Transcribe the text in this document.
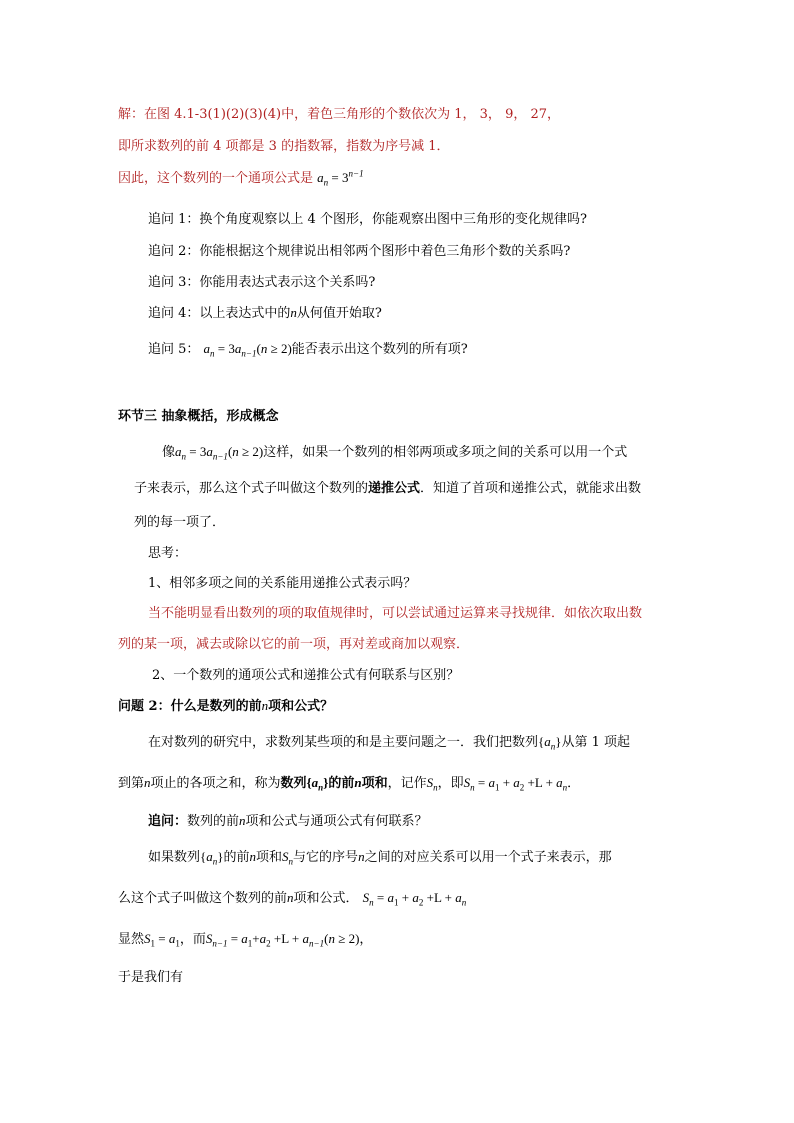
解：在图 4.1-3(1)(2)(3)(4)中，着色三角形的个数依次为 1， 3， 9， 27，
即所求数列的前 4 项都是 3 的指数幂，指数为序号减 1．
因此，这个数列的一个通项公式是 $a_n = 3^{n-1}$
追问 1：换个角度观察以上 4 个图形，你能观察出图中三角形的变化规律吗?
追问 2：你能根据这个规律说出相邻两个图形中着色三角形个数的关系吗?
追问 3：你能用表达式表示这个关系吗?
追问 4：以上表达式中的n从何值开始取?
追问 5： $a_n = 3a_{n-1}(n \ge 2)$能否表示出这个数列的所有项?
环节三 抽象概括，形成概念
像$a_n = 3a_{n-1}(n \ge 2)$这样，如果一个数列的相邻两项或多项之间的关系可以用一个式
子来表示，那么这个式子叫做这个数列的递推公式．知道了首项和递推公式，就能求出数
列的每一项了．
思考：
1、相邻多项之间的关系能用递推公式表示吗？
当不能明显看出数列的项的取值规律时，可以尝试通过运算来寻找规律．如依次取出数
列的某一项，减去或除以它的前一项，再对差或商加以观察．
2、一个数列的通项公式和递推公式有何联系与区别？
问题 2：什么是数列的前n项和公式？
在对数列的研究中，求数列某些项的和是主要问题之一．我们把数列$\{a_n\}$从第 1 项起
到第n项止的各项之和，称为数列$\{a_n\}$的前n项和，记作$S_n$，即$S_n = a_1 + a_2 +L + a_n$．
追问：数列的前n项和公式与通项公式有何联系？
如果数列$\{a_n\}$的前n项和$S_n$与它的序号n之间的对应关系可以用一个式子来表示，那
么这个式子叫做这个数列的前n项和公式． $S_n = a_1 + a_2 +L + a_n$
显然$S_1 = a_1$，而$S_{n-1} = a_1+a_2 +L + a_{n-1}(n \ge 2)$，
于是我们有
